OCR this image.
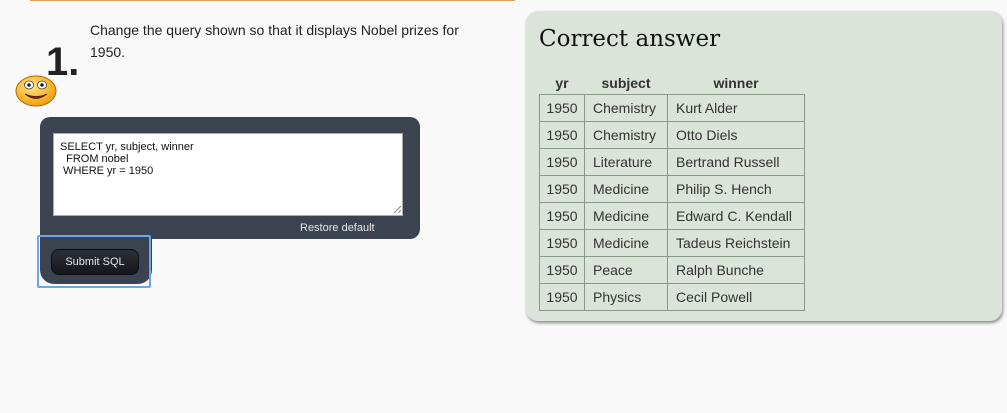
1.
Change the query shown so that it displays Nobel prizes for 1950.
SELECT yr, subject, winner FROM nobel WHERE yr = 1950
Restore default
Submit SQL
Correct answer
yr	subject	winner
1950	Chemistry	Kurt Alder
1950	Chemistry	Otto Diels
1950	Literature	Bertrand Russell
1950	Medicine	Philip S. Hench
1950	Medicine	Edward C. Kendall
1950	Medicine	Tadeus Reichstein
1950	Peace	Ralph Bunche
1950	Physics	Cecil Powell
